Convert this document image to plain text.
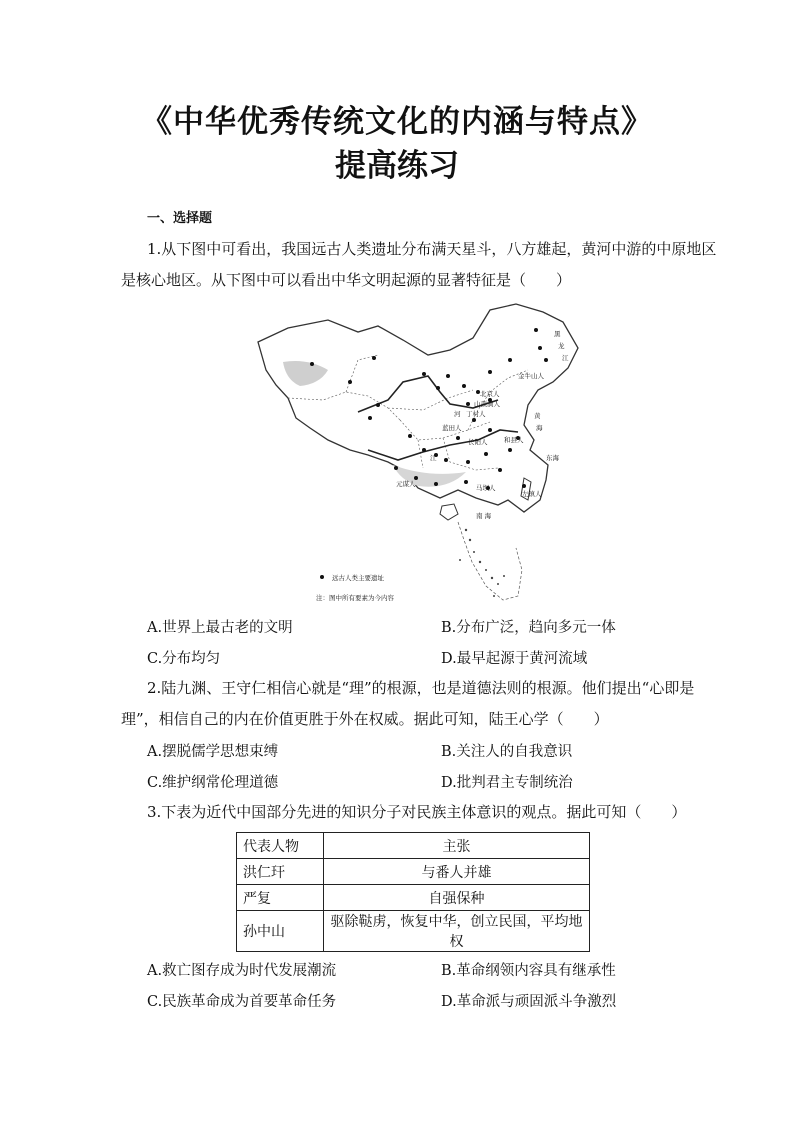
《中华优秀传统文化的内涵与特点》
提高练习
一、选择题
1.从下图中可看出，我国远古人类遗址分布满天星斗，八方雄起，黄河中游的中原地区
是核心地区。从下图中可以看出中华文明起源的显著特征是（　　）
黑
龙
江
金牛山人
北京人
山顶洞人
丁村人
蓝田人
长阳人	和县人
元谋人	马坝人
左镇人
黄
海
东海
南 海
河
江
远古人类主要遗址
注：图中所有要素为今内容
A.世界上最古老的文明	B.分布广泛，趋向多元一体
C.分布均匀	D.最早起源于黄河流域
2.陆九渊、王守仁相信心就是“理”的根源，也是道德法则的根源。他们提出“心即是
理”，相信自己的内在价值更胜于外在权威。据此可知，陆王心学（　　）
A.摆脱儒学思想束缚	B.关注人的自我意识
C.维护纲常伦理道德	D.批判君主专制统治
3.下表为近代中国部分先进的知识分子对民族主体意识的观点。据此可知（　　）
代表人物	主张
洪仁玕	与番人并雄
严复	自强保种
孙中山	驱除鞑虏，恢复中华，创立民国，平均地权
A.救亡图存成为时代发展潮流	B.革命纲领内容具有继承性
C.民族革命成为首要革命任务	D.革命派与顽固派斗争激烈
